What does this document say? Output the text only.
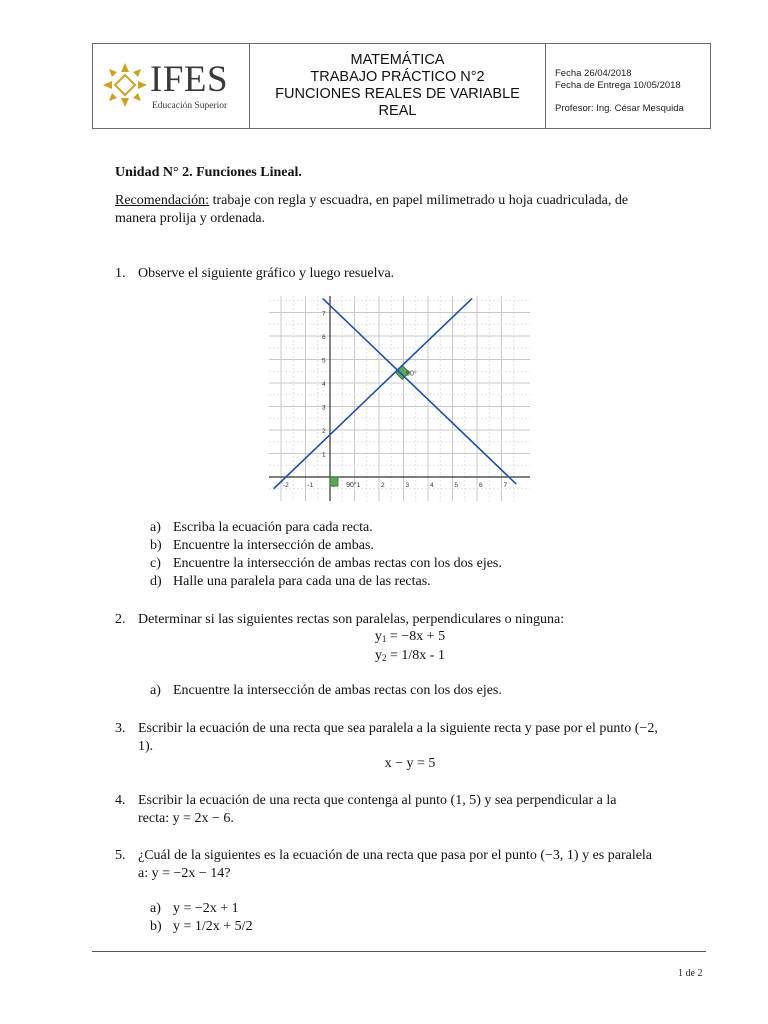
IFES
Educación Superior
MATEMÁTICA
TRABAJO PRÁCTICO N°2
FUNCIONES REALES DE VARIABLE
REAL
Fecha 26/04/2018
Fecha de Entrega 10/05/2018
Profesor: Ing. César Mesquida
Unidad N° 2. Funciones Lineal.
Recomendación: trabaje con regla y escuadra, en papel milimetrado u hoja cuadriculada, de
manera prolija y ordenada.
1. Observe el siguiente gráfico y luego resuelva.
-2	-1	1	2	3	4	5	6	7
1
2
3
4
5
6
7
90°
90°
a) Escriba la ecuación para cada recta.
b) Encuentre la intersección de ambas.
c) Encuentre la intersección de ambas rectas con los dos ejes.
d) Halle una paralela para cada una de las rectas.
2. Determinar si las siguientes rectas son paralelas, perpendiculares o ninguna:
$y_1 = -8x + 5$
$y_2 = 1/8x - 1$
a) Encuentre la intersección de ambas rectas con los dos ejes.
3. Escribir la ecuación de una recta que sea paralela a la siguiente recta y pase por el punto (−2,
1).
x − y = 5
4. Escribir la ecuación de una recta que contenga al punto (1, 5) y sea perpendicular a la
recta: y = 2x − 6.
5. ¿Cuál de la siguientes es la ecuación de una recta que pasa por el punto (−3, 1) y es paralela
a: y = −2x − 14?
a) y = −2x + 1
b) y = 1/2x + 5/2
1 de 2
